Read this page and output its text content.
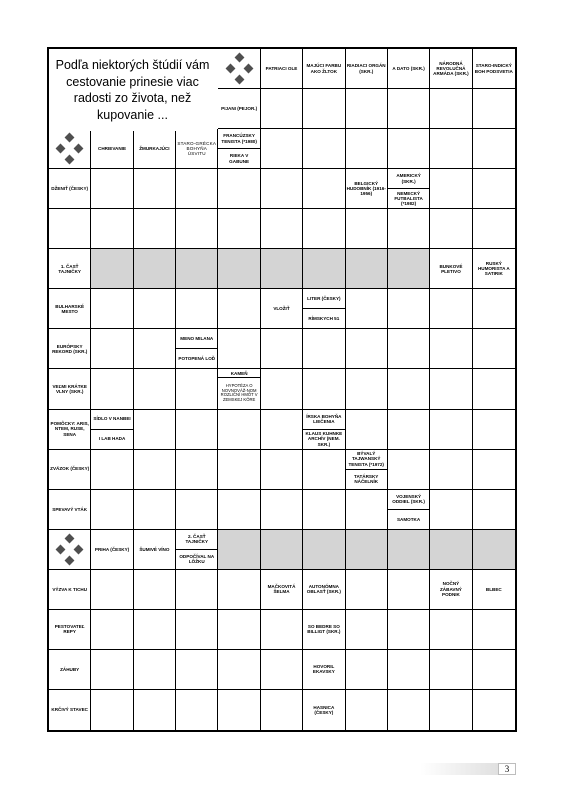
PATRIACI OLE
MAJÚCI FARBU AKO ŽLTOK
RIADIACI ORGÁN (SKR.)
A DATO (SKR.)
NÁRODNÁ REVOLUČNÁ ARMÁDA (SKR.)
STARO-INDICKÝ BOH PODSVETIA
PIJANI (PEJOR.)
CHRIEVANIE	ŽMURKAJÚCI
STARO-GRÉCKA BOHYŇA ÚSVITU
FRANCÚZSKY TENISTA (*1980)
RIEKA V GABUNE
DŽENIŤ (ČESKY)
BELGICKÝ HUDOBNÍK (1916-1956)
AMERICKÝ (SKR.)
NEMECKÝ FUTBALISTA (*1982)
1. ČASŤ TAJNIČKY
BUNKOVÉ PLETIVO
RUSKÝ HUMORISTA A SATIRIK
BULHARSKÉ MESTO
VLOŽIŤ
LITER (ČESKY)
RÍMSKYCH 51
EURÓPSKY REKORD (SKR.)
MENO MILANA
POTOPENÁ LOĎ
VEĽMI KRÁTKE VLNY (SKR.)
KAMEŇ
HYPOTÉZA O NOVNOVÁŽ-NOM ROZLIČNÍ HMÔT V ZEMSKEJ KÔRE
POMÔCKY: ARIS, NTEM, RUSE, SENA
SÍDLO V NANBEI
I LAB HADA
ÍRSKA BOHYŇA LIEČENIA
KLAUS KUHNKE ARCHÍV (NEM. SKR.)
ZVÄZOK (ČESKY)
BÝVALÝ TAJWANSKÝ TENISTA (*1972)
TATÁRSKY NÁČELNÍK
SPEVAVÝ VTÁK
VOJENSKÝ ODDIEL (SKR.)
SAMOTKA
PRIHA (ČESKY)	ŠUMIVÉ VÍNO
2. ČASŤ TAJNIČKY
ODPOČÍVAL NA LÔŽKU
VÝZVA K TICHU
MAČKOVITÁ ŠELMA
AUTONÓMNA OBLASŤ (SKR.)
NOČNÝ ZÁBAVNÝ PODNIK
BLBEC
PESTOVATEĽ REPY
SO BEDRE SO BILLIGT (SKR.)
ZÁHUBY
HOVORIL EKAVSKY
KRČIVÝ STAVEC
HASNICA (ČESKY)
Podľa niektorých štúdií vám cestovanie prinesie viac radosti zo života, než kupovanie ...
3
